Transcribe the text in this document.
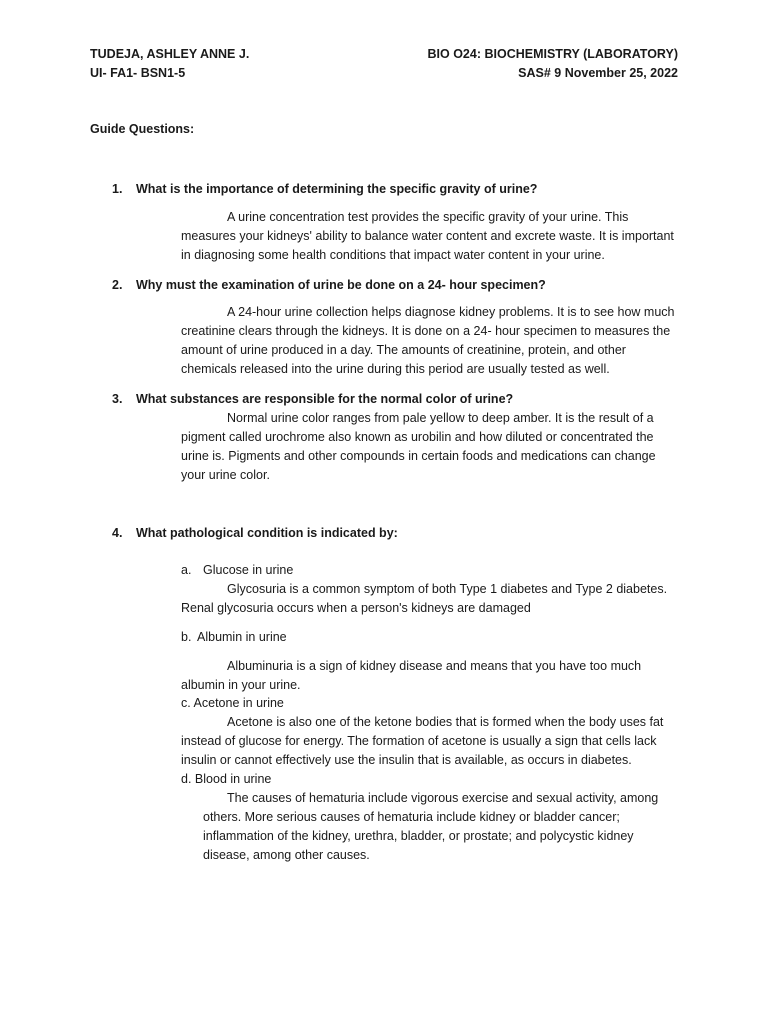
TUDEJA, ASHLEY ANNE J.
UI- FA1- BSN1-5
BIO O24: BIOCHEMISTRY (LABORATORY)
SAS# 9 November 25, 2022
Guide Questions:
1. What is the importance of determining the specific gravity of urine?

A urine concentration test provides the specific gravity of your urine. This measures your kidneys' ability to balance water content and excrete waste. It is important in diagnosing some health conditions that impact water content in your urine.

2. Why must the examination of urine be done on a 24- hour specimen?

A 24-hour urine collection helps diagnose kidney problems. It is to see how much creatinine clears through the kidneys. It is done on a 24- hour specimen to measures the amount of urine produced in a day. The amounts of creatinine, protein, and other chemicals released into the urine during this period are usually tested as well.

3. What substances are responsible for the normal color of urine?

Normal urine color ranges from pale yellow to deep amber. It is the result of a pigment called urochrome also known as urobilin and how diluted or concentrated the urine is. Pigments and other compounds in certain foods and medications can change your urine color.

4. What pathological condition is indicated by:
a. Glucose in urine

Glycosuria is a common symptom of both Type 1 diabetes and Type 2 diabetes. Renal glycosuria occurs when a person's kidneys are damaged

b. Albumin in urine

Albuminuria is a sign of kidney disease and means that you have too much albumin in your urine.

c. Acetone in urine

Acetone is also one of the ketone bodies that is formed when the body uses fat instead of glucose for energy. The formation of acetone is usually a sign that cells lack insulin or cannot effectively use the insulin that is available, as occurs in diabetes.

d. Blood in urine

The causes of hematuria include vigorous exercise and sexual activity, among others. More serious causes of hematuria include kidney or bladder cancer; inflammation of the kidney, urethra, bladder, or prostate; and polycystic kidney disease, among other causes.
